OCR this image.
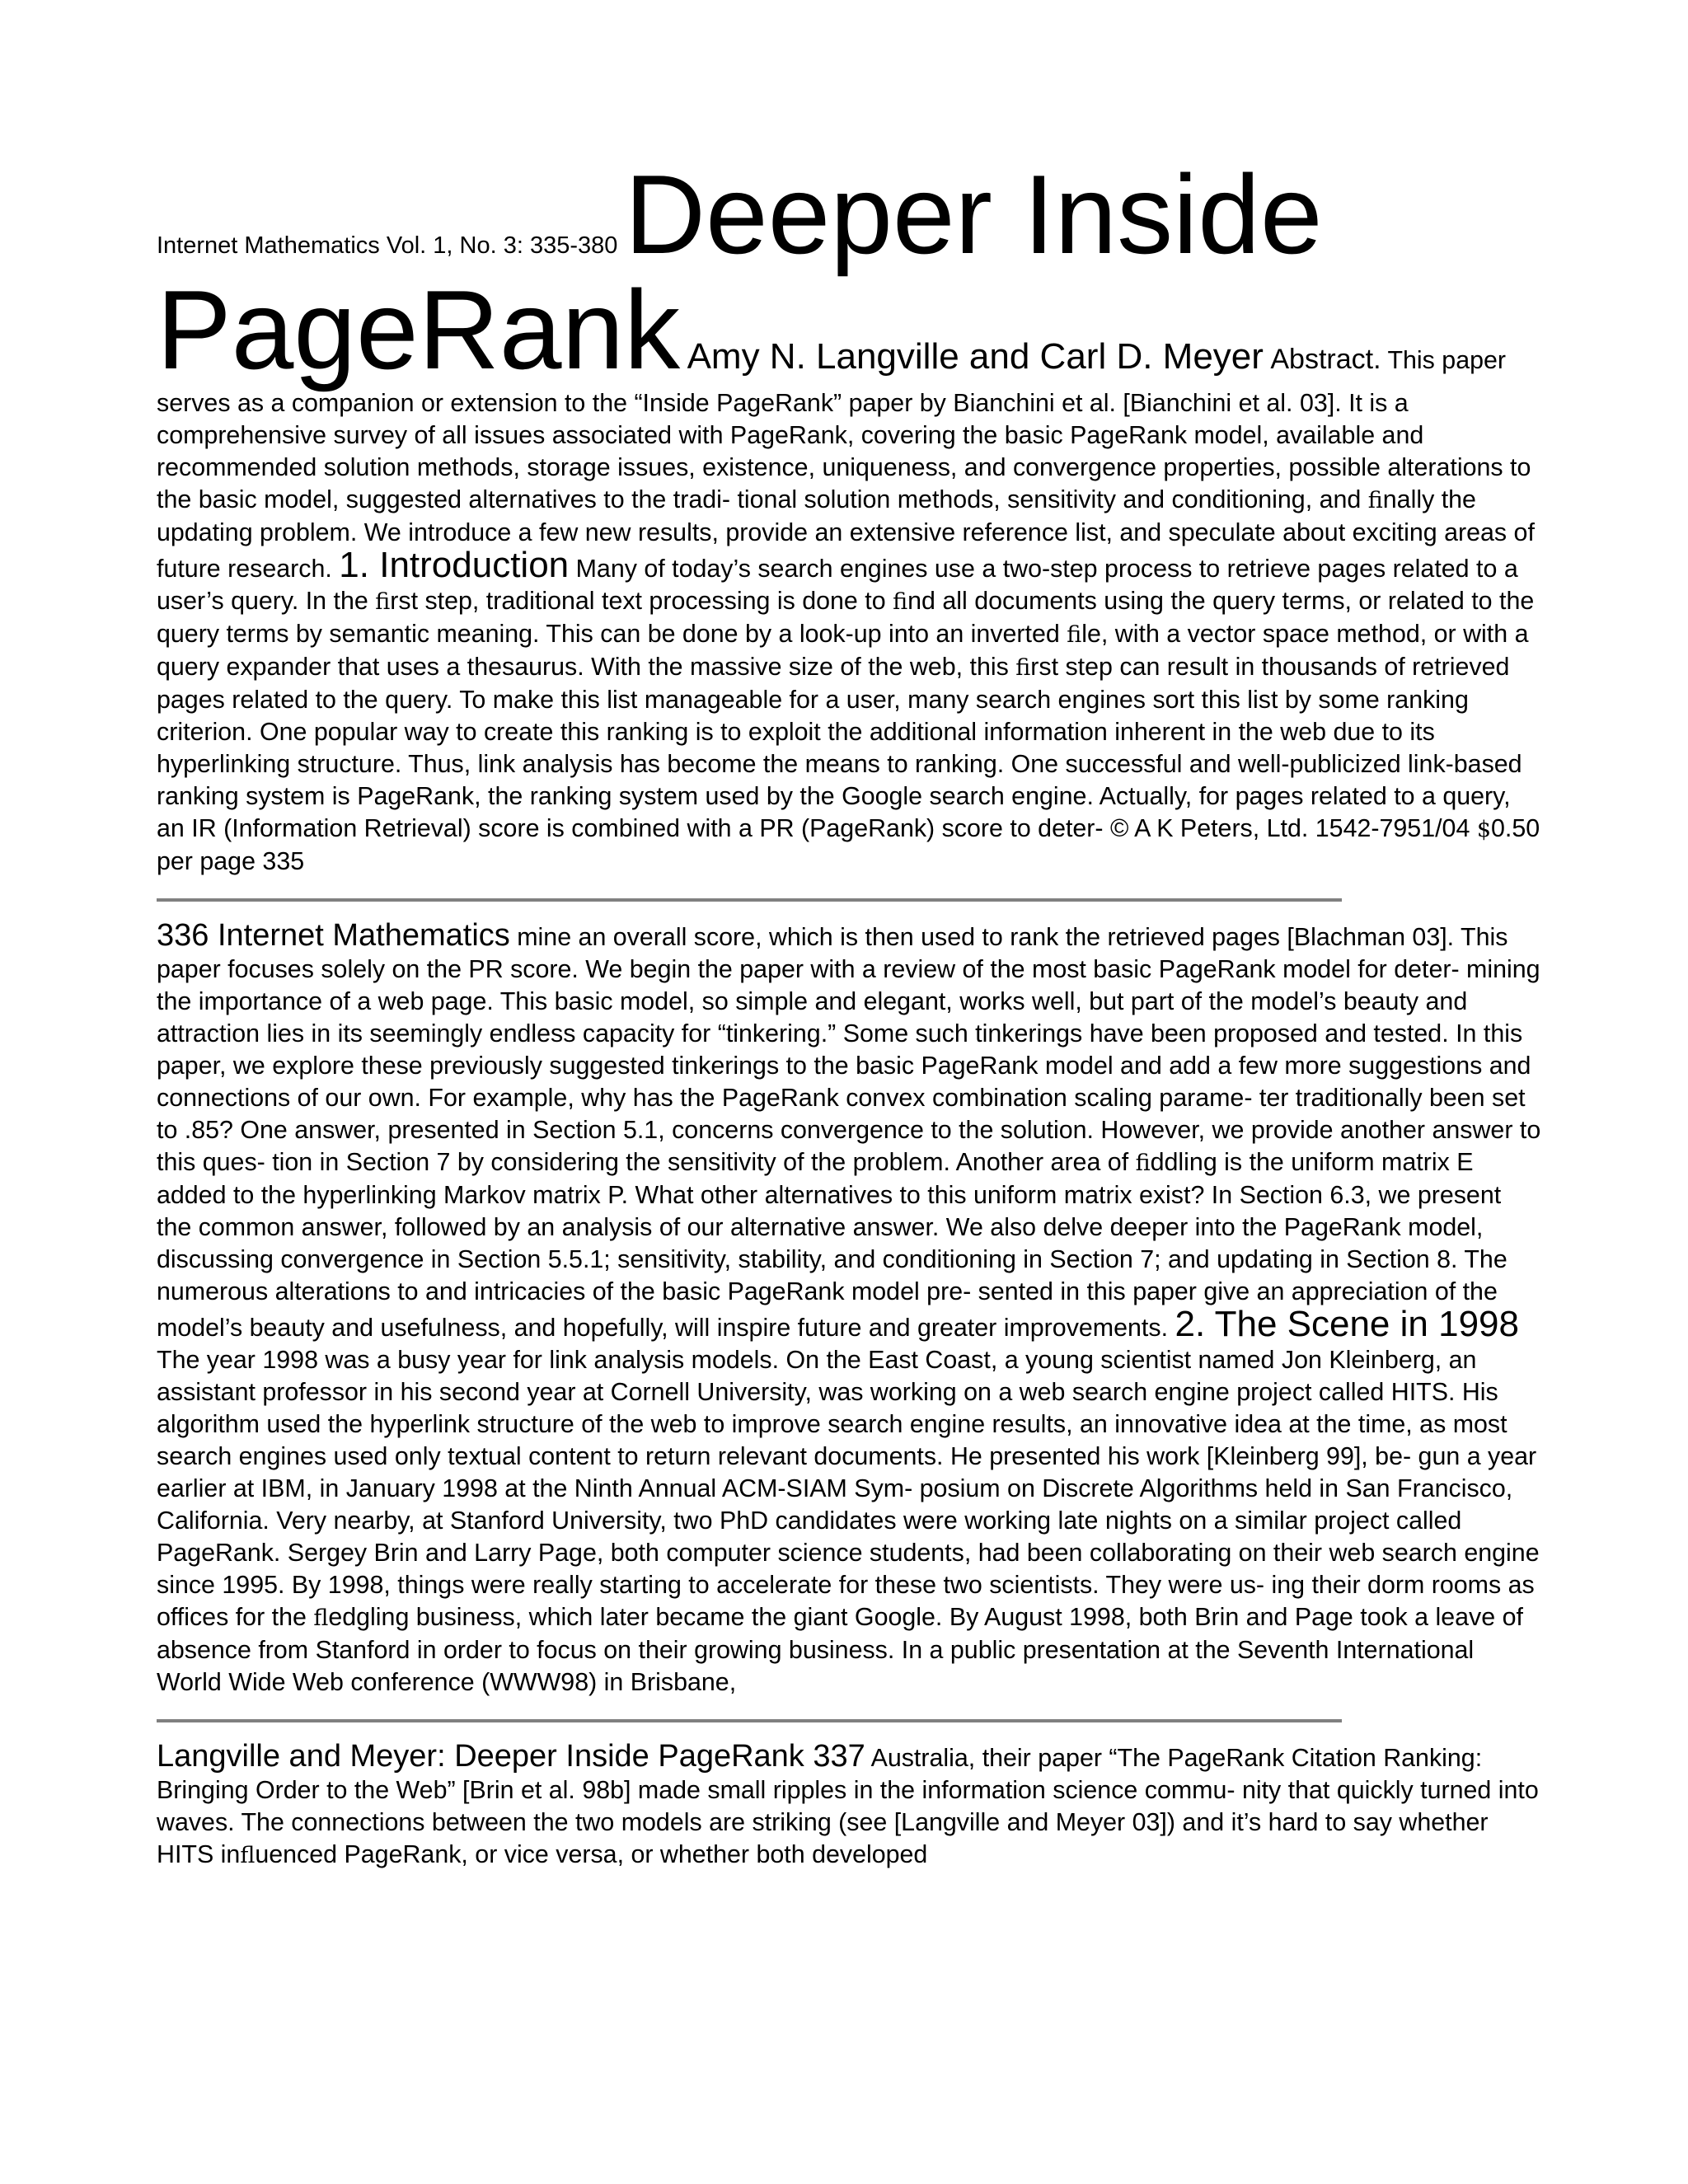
Internet Mathematics Vol. 1, No. 3: 335-380 Deeper Inside PageRank Amy N. Langville and Carl D. Meyer Abstract. This paper serves as a companion or extension to the “Inside PageRank” paper by Bianchini et al. [Bianchini et al. 03]. It is a comprehensive survey of all issues associated with PageRank, covering the basic PageRank model, available and recommended solution methods, storage issues, existence, uniqueness, and convergence properties, possible alterations to the basic model, suggested alternatives to the tradi- tional solution methods, sensitivity and conditioning, and finally the updating problem. We introduce a few new results, provide an extensive reference list, and speculate about exciting areas of future research. 1. Introduction Many of today’s search engines use a two-step process to retrieve pages related to a user’s query. In the first step, traditional text processing is done to find all documents using the query terms, or related to the query terms by semantic meaning. This can be done by a look-up into an inverted file, with a vector space method, or with a query expander that uses a thesaurus. With the massive size of the web, this first step can result in thousands of retrieved pages related to the query. To make this list manageable for a user, many search engines sort this list by some ranking criterion. One popular way to create this ranking is to exploit the additional information inherent in the web due to its hyperlinking structure. Thus, link analysis has become the means to ranking. One successful and well-publicized link-based ranking system is PageRank, the ranking system used by the Google search engine. Actually, for pages related to a query, an IR (Information Retrieval) score is combined with a PR (PageRank) score to deter- © A K Peters, Ltd. 1542-7951/04 $0.50 per page 335
336 Internet Mathematics mine an overall score, which is then used to rank the retrieved pages [Blachman 03]. This paper focuses solely on the PR score. We begin the paper with a review of the most basic PageRank model for deter- mining the importance of a web page. This basic model, so simple and elegant, works well, but part of the model’s beauty and attraction lies in its seemingly endless capacity for “tinkering.” Some such tinkerings have been proposed and tested. In this paper, we explore these previously suggested tinkerings to the basic PageRank model and add a few more suggestions and connections of our own. For example, why has the PageRank convex combination scaling parame- ter traditionally been set to .85? One answer, presented in Section 5.1, concerns convergence to the solution. However, we provide another answer to this ques- tion in Section 7 by considering the sensitivity of the problem. Another area of fiddling is the uniform matrix E added to the hyperlinking Markov matrix P. What other alternatives to this uniform matrix exist? In Section 6.3, we present the common answer, followed by an analysis of our alternative answer. We also delve deeper into the PageRank model, discussing convergence in Section 5.5.1; sensitivity, stability, and conditioning in Section 7; and updating in Section 8. The numerous alterations to and intricacies of the basic PageRank model pre- sented in this paper give an appreciation of the model’s beauty and usefulness, and hopefully, will inspire future and greater improvements. 2. The Scene in 1998 The year 1998 was a busy year for link analysis models. On the East Coast, a young scientist named Jon Kleinberg, an assistant professor in his second year at Cornell University, was working on a web search engine project called HITS. His algorithm used the hyperlink structure of the web to improve search engine results, an innovative idea at the time, as most search engines used only textual content to return relevant documents. He presented his work [Kleinberg 99], be- gun a year earlier at IBM, in January 1998 at the Ninth Annual ACM-SIAM Sym- posium on Discrete Algorithms held in San Francisco, California. Very nearby, at Stanford University, two PhD candidates were working late nights on a similar project called PageRank. Sergey Brin and Larry Page, both computer science students, had been collaborating on their web search engine since 1995. By 1998, things were really starting to accelerate for these two scientists. They were us- ing their dorm rooms as offices for the fledgling business, which later became the giant Google. By August 1998, both Brin and Page took a leave of absence from Stanford in order to focus on their growing business. In a public presentation at the Seventh International World Wide Web conference (WWW98) in Brisbane,
Langville and Meyer: Deeper Inside PageRank 337 Australia, their paper “The PageRank Citation Ranking: Bringing Order to the Web” [Brin et al. 98b] made small ripples in the information science commu- nity that quickly turned into waves. The connections between the two models are striking (see [Langville and Meyer 03]) and it’s hard to say whether HITS influenced PageRank, or vice versa, or whether both developed
